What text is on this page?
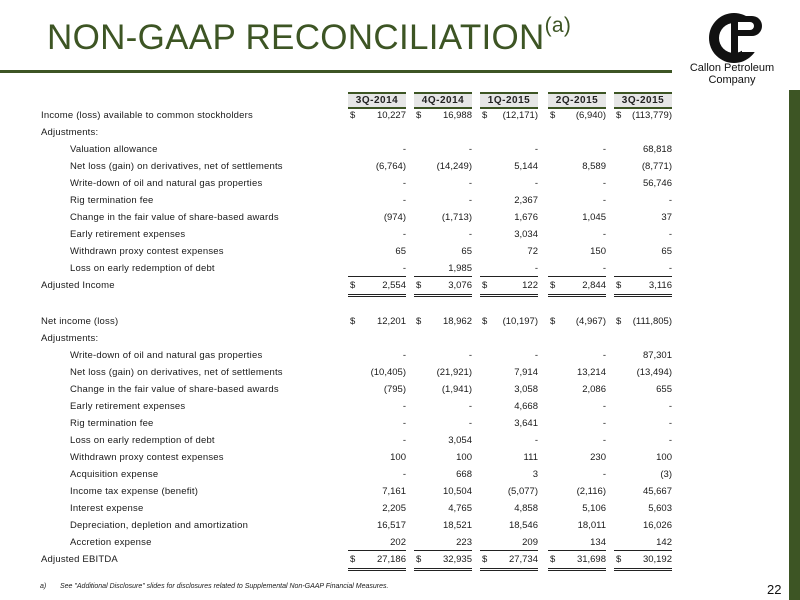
NON-GAAP RECONCILIATION$^{(a)}$
Callon Petroleum
Company
3Q-2014	4Q-2014	1Q-2015	2Q-2015	3Q-2015
Income (loss) available to common stockholders	$ 10,227 $ 16,988 $ (12,171) $ (6,940) $ (113,779)
Adjustments:
Valuation allowance	-	-	-	-	68,818
Net loss (gain) on derivatives, net of settlements	(6,764)	(14,249)	5,144	8,589	(8,771)
Write-down of oil and natural gas properties	-	-	-	-	56,746
Rig termination fee	-	-	2,367	-	-
Change in the fair value of share-based awards	(974)	(1,713)	1,676	1,045	37
Early retirement expenses	-	-	3,034	-	-
Withdrawn proxy contest expenses	65	65	72	150	65
Loss on early redemption of debt	-	1,985	-	-	-
Adjusted Income	$	2,554 $	3,076 $	122 $	2,844 $	3,116
Net income (loss)	$ 12,201 $ 18,962 $ (10,197) $ (4,967) $ (111,805)
Adjustments:
Write-down of oil and natural gas properties	-	-	-	-	87,301
Net loss (gain) on derivatives, net of settlements	(10,405)	(21,921)	7,914	13,214	(13,494)
Change in the fair value of share-based awards	(795)	(1,941)	3,058	2,086	655
Early retirement expenses	-	-	4,668	-	-
Rig termination fee	-	-	3,641	-	-
Loss on early redemption of debt	-	3,054	-	-	-
Withdrawn proxy contest expenses	100	100	111	230	100
Acquisition expense	-	668	3	-	(3)
Income tax expense (benefit)	7,161	10,504	(5,077)	(2,116)	45,667
Interest expense	2,205	4,765	4,858	5,106	5,603
Depreciation, depletion and amortization	16,517	18,521	18,546	18,011	16,026
Accretion expense	202	223	209	134	142
Adjusted EBITDA	$ 27,186 $ 32,935 $ 27,734 $ 31,698 $ 30,192
a) See "Additional Disclosure" slides for disclosures related to Supplemental Non-GAAP Financial Measures.	22
